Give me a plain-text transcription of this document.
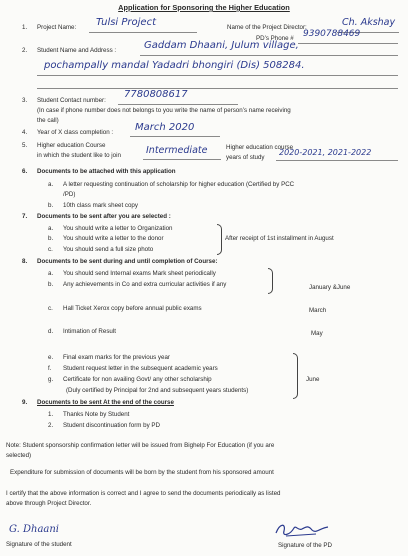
Application for Sponsoring the Higher Education
1. Project Name: Tulsi Project	Name of the Project Director:	Ch. Akshay
PD’s Phone # 9390788469
2. Student Name and Address :	Gaddam Dhaani, Julum village,
pochampally mandal Yadadri bhongiri (Dis) 508284.
3. Student Contact number:
7780808617
(In case if phone number does not belongs to you write the name of person’s name receiving
the call)
4. Year of X class completion : March 2020
5. Higher education Course
in which the student like to join	Intermediate	Higher education course
years of study
2020-2021, 2021-2022
6. Documents to be attached with this application
a. A letter requesting continuation of scholarship for higher education (Certified by PCC
/PD)
b. 10th class mark sheet copy
7. Documents to be sent after you are selected :
a. You should write a letter to Organization
b. You should write a letter to the donor
c. You should send a full size photo
After receipt of 1st installment in August
8. Documents to be sent during and until completion of Course:
a. You should send Internal exams Mark sheet periodically
b. Any achievements in Co and extra curricular activities if any	January &June
c. Hall Ticket Xerox copy before annual public exams	March
d. Intimation of Result	May
e. Final exam marks for the previous year
f. Student request letter in the subsequent academic years
g. Certificate for non availing Govt/ any other scholarship
(Duly certified by Principal for 2nd and subsequent years students)
June
9. Documents to be sent At the end of the course
1. Thanks Note by Student
2. Student discontinuation form by PD
Note: Student sponsorship confirmation letter will be issued from Bighelp For Education (if you are
selected)
Expenditure for submission of documents will be born by the student from his sponsored amount
I certify that the above information is correct and I agree to send the documents periodically as listed
above through Project Director.
G. Dhaani
Signature of the student	Signature of the PD
